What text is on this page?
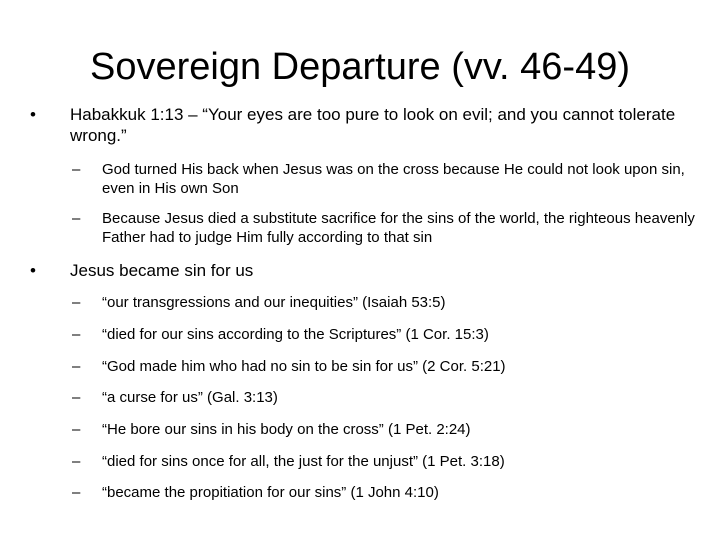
Sovereign Departure (vv. 46-49)
• Habakkuk 1:13 – “Your eyes are too pure to look on evil; and you cannot tolerate wrong.”
– God turned His back when Jesus was on the cross because He could not look upon sin, even in His own Son
– Because Jesus died a substitute sacrifice for the sins of the world, the righteous heavenly Father had to judge Him fully according to that sin
• Jesus became sin for us
– “our transgressions and our inequities” (Isaiah 53:5)
– “died for our sins according to the Scriptures” (1 Cor. 15:3)
– “God made him who had no sin to be sin for us” (2 Cor. 5:21)
– “a curse for us” (Gal. 3:13)
– “He bore our sins in his body on the cross” (1 Pet. 2:24)
– “died for sins once for all, the just for the unjust” (1 Pet. 3:18)
– “became the propitiation for our sins” (1 John 4:10)
